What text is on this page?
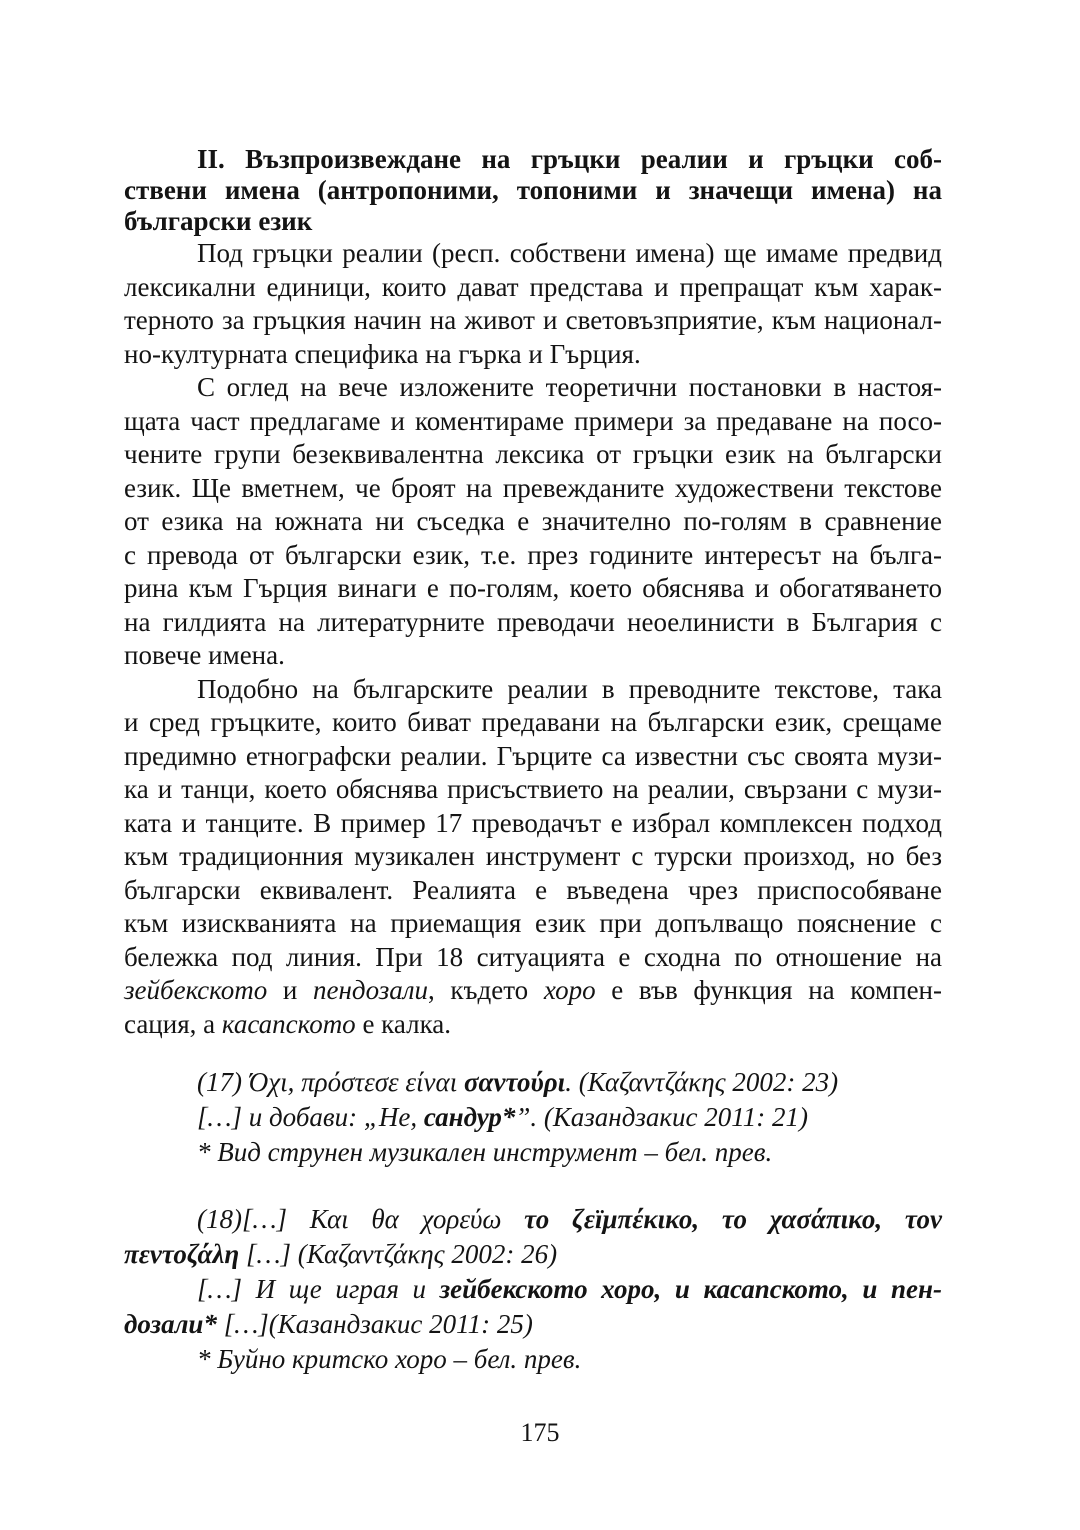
II. Възпроизвеждане на гръцки реалии и гръцки соб-
ствени имена (антропоними, топоними и значещи имена) на
български език
Под гръцки реалии (респ. собствени имена) ще имаме предвид
лексикални единици, които дават представа и препращат към харак-
терното за гръцкия начин на живот и световъзприятие, към национал-
но-културната специфика на гърка и Гърция.
С оглед на вече изложените теоретични постановки в настоя-
щата част предлагаме и коментираме примери за предаване на посо-
чените групи безеквивалентна лексика от гръцки език на български
език. Ще вметнем, че броят на превежданите художествени текстове
от езика на южната ни съседка е значително по-голям в сравнение
с превода от български език, т.е. през годините интересът на бълга-
рина към Гърция винаги е по-голям, което обяснява и обогатяването
на гилдията на литературните преводачи неоелинисти в България с
повече имена.
Подобно на българските реалии в преводните текстове, така
и сред гръцките, които биват предавани на български език, срещаме
предимно етнографски реалии. Гърците са известни със своята музи-
ка и танци, което обяснява присъствието на реалии, свързани с музи-
ката и танците. В пример 17 преводачът е избрал комплексен подход
към традиционния музикален инструмент с турски произход, но без
български еквивалент. Реалията е въведена чрез приспособяване
към изискванията на приемащия език при допълващо пояснение с
бележка под линия. При 18 ситуацията е сходна по отношение на
зейбекското и пендозали, където хоро е във функция на компен-
сация, а касапското е калка.
(17) Όχι, πρόστεσε είναι σαντούρι. (Καζαντζάκης 2002: 23)
[…] и добави: „Не, сандур*”. (Казандзакис 2011: 21)
* Вид струнен музикален инструмент – бел. прев.
(18)[…] Και θα χορεύω το ζεϊμπέκικο, το χασάπικο, τον
πεντοζάλη […] (Καζαντζάκης 2002: 26)
[…] И ще играя и зейбекското хоро, и касапското, и пен-
дозали* […](Казандзакис 2011: 25)
* Буйно критско хоро – бел. прев.
175
